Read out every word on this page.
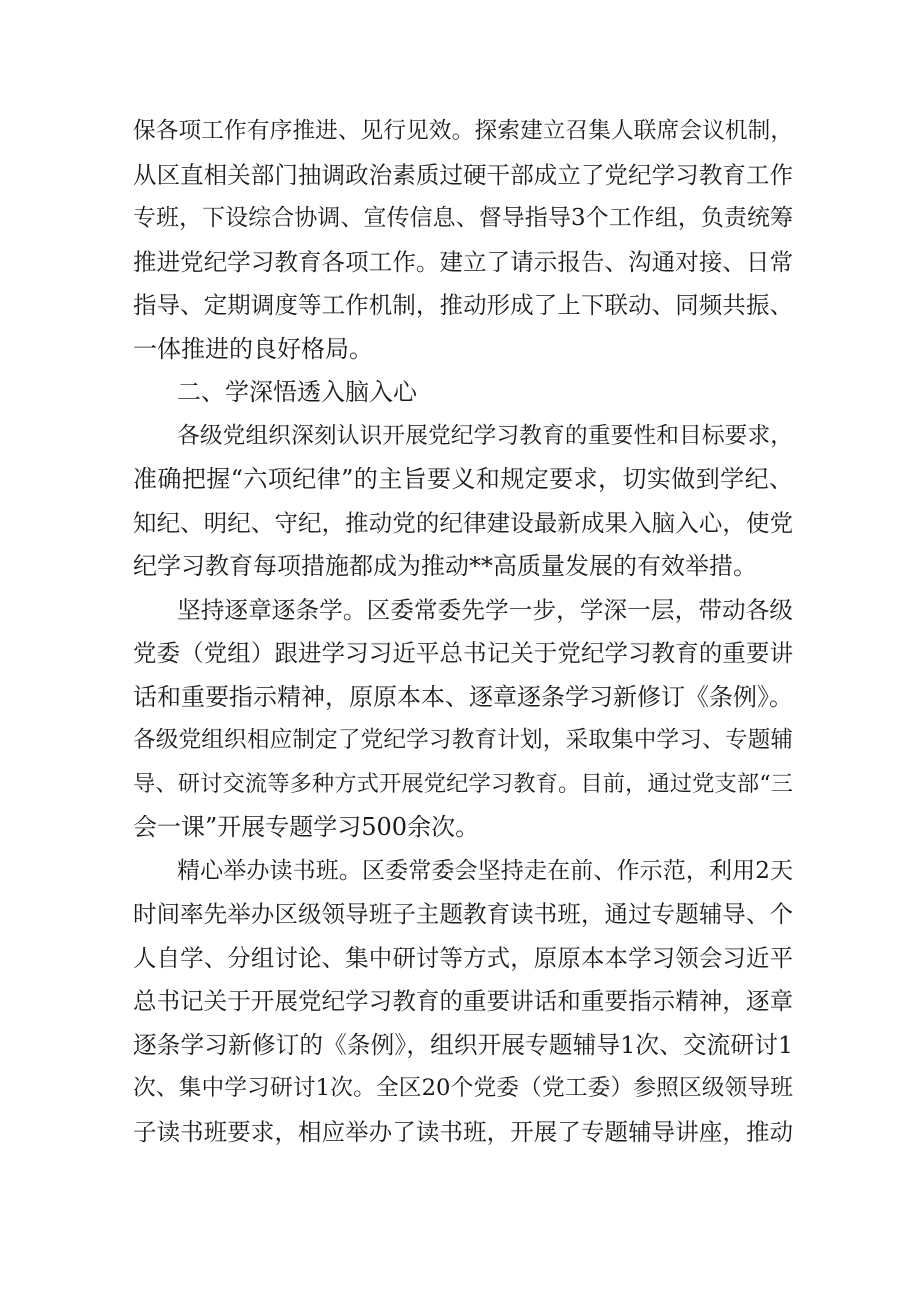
保各项工作有序推进、见行见效。探索建立召集人联席会议机制，
从区直相关部门抽调政治素质过硬干部成立了党纪学习教育工作
专班，下设综合协调、宣传信息、督导指导3个工作组，负责统筹
推进党纪学习教育各项工作。建立了请示报告、沟通对接、日常
指导、定期调度等工作机制，推动形成了上下联动、同频共振、
一体推进的良好格局。
二、学深悟透入脑入心
各级党组织深刻认识开展党纪学习教育的重要性和目标要求，
准确把握“六项纪律”的主旨要义和规定要求，切实做到学纪、
知纪、明纪、守纪，推动党的纪律建设最新成果入脑入心，使党
纪学习教育每项措施都成为推动**高质量发展的有效举措。
坚持逐章逐条学。区委常委先学一步，学深一层，带动各级
党委（党组）跟进学习习近平总书记关于党纪学习教育的重要讲
话和重要指示精神，原原本本、逐章逐条学习新修订《条例》。
各级党组织相应制定了党纪学习教育计划，采取集中学习、专题辅
导、研讨交流等多种方式开展党纪学习教育。目前，通过党支部“三
会一课”开展专题学习500余次。
精心举办读书班。区委常委会坚持走在前、作示范，利用2天
时间率先举办区级领导班子主题教育读书班，通过专题辅导、个
人自学、分组讨论、集中研讨等方式，原原本本学习领会习近平
总书记关于开展党纪学习教育的重要讲话和重要指示精神，逐章
逐条学习新修订的《条例》，组织开展专题辅导1次、交流研讨1
次、集中学习研讨1次。全区20个党委（党工委）参照区级领导班
子读书班要求，相应举办了读书班，开展了专题辅导讲座，推动
